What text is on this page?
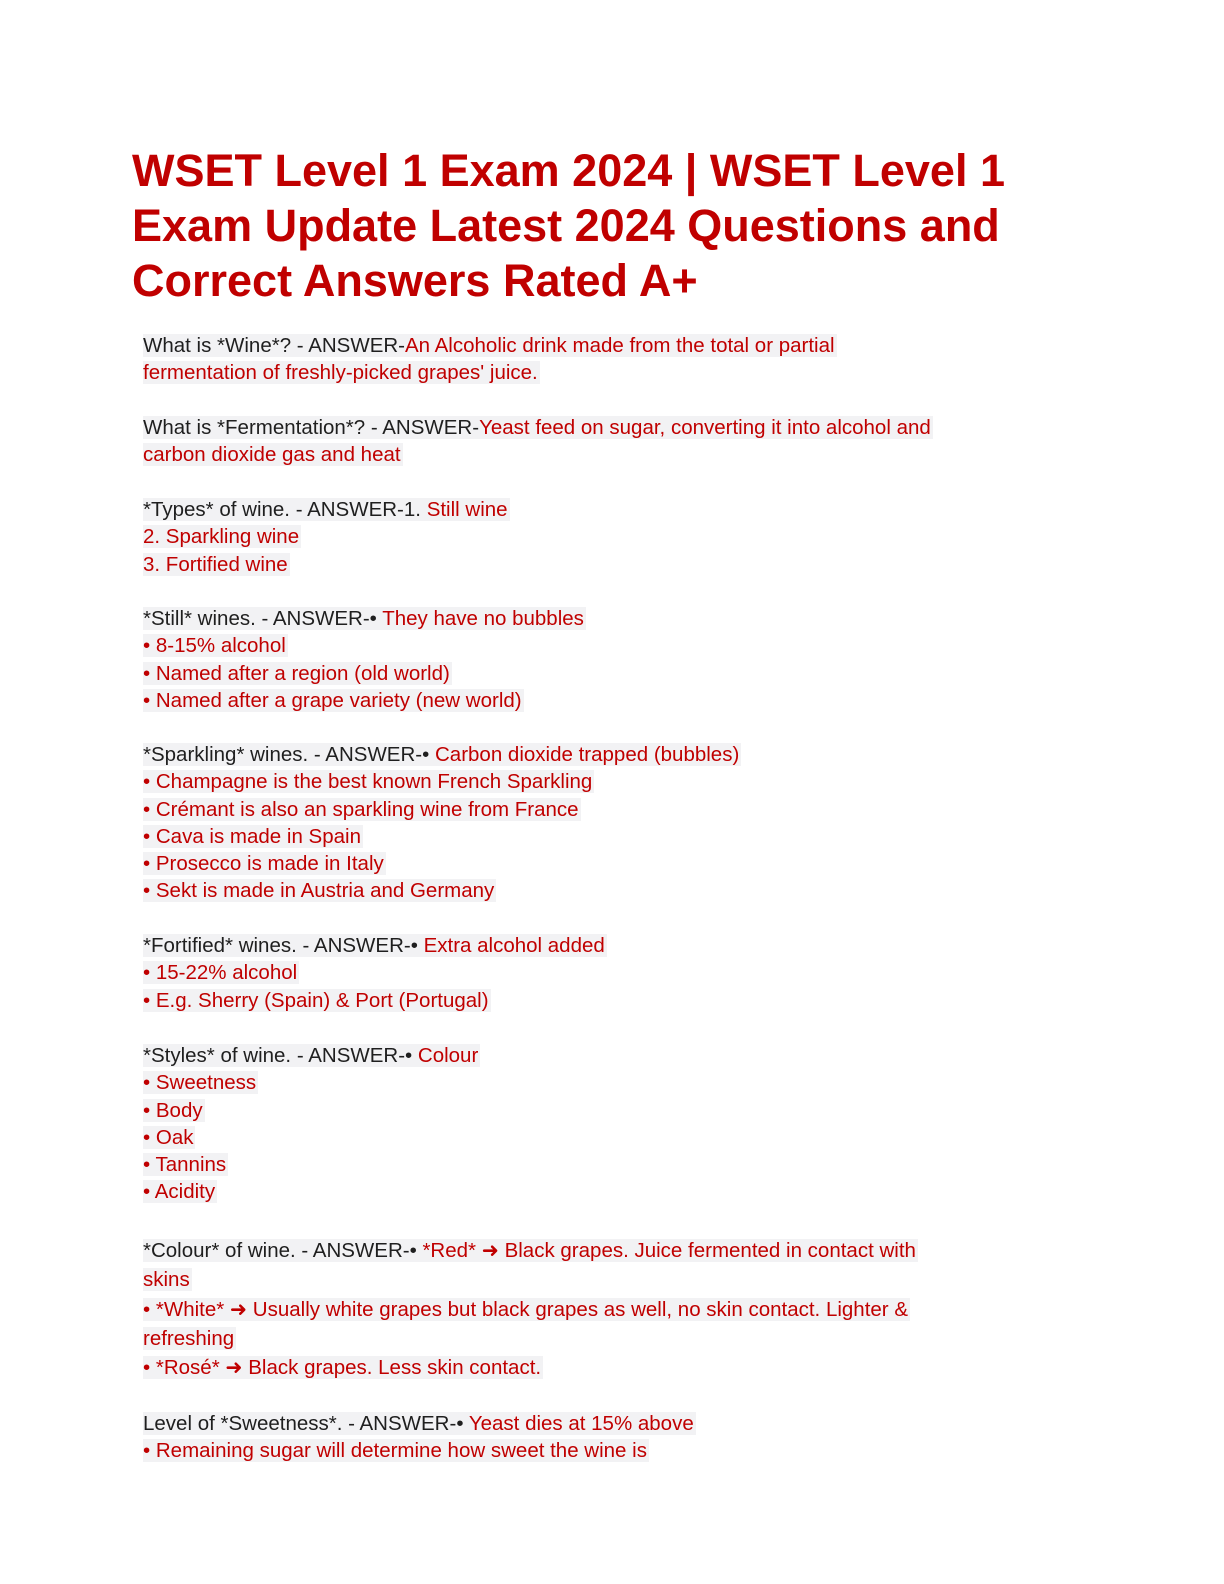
WSET Level 1 Exam 2024 | WSET Level 1
Exam Update Latest 2024 Questions and
Correct Answers Rated A+
What is *Wine*? - ANSWER-An Alcoholic drink made from the total or partial
fermentation of freshly-picked grapes' juice.
What is *Fermentation*? - ANSWER-Yeast feed on sugar, converting it into alcohol and
carbon dioxide gas and heat
*Types* of wine. - ANSWER-1. Still wine
2. Sparkling wine
3. Fortified wine
*Still* wines. - ANSWER-• They have no bubbles
• 8-15% alcohol
• Named after a region (old world)
• Named after a grape variety (new world)
*Sparkling* wines. - ANSWER-• Carbon dioxide trapped (bubbles)
• Champagne is the best known French Sparkling
• Crémant is also an sparkling wine from France
• Cava is made in Spain
• Prosecco is made in Italy
• Sekt is made in Austria and Germany
*Fortified* wines. - ANSWER-• Extra alcohol added
• 15-22% alcohol
• E.g. Sherry (Spain) & Port (Portugal)
*Styles* of wine. - ANSWER-• Colour
• Sweetness
• Body
• Oak
• Tannins
• Acidity
*Colour* of wine. - ANSWER-• *Red* ➜ Black grapes. Juice fermented in contact with
skins
• *White* ➜ Usually white grapes but black grapes as well, no skin contact. Lighter &
refreshing
• *Rosé* ➜ Black grapes. Less skin contact.
Level of *Sweetness*. - ANSWER-• Yeast dies at 15% above
• Remaining sugar will determine how sweet the wine is
